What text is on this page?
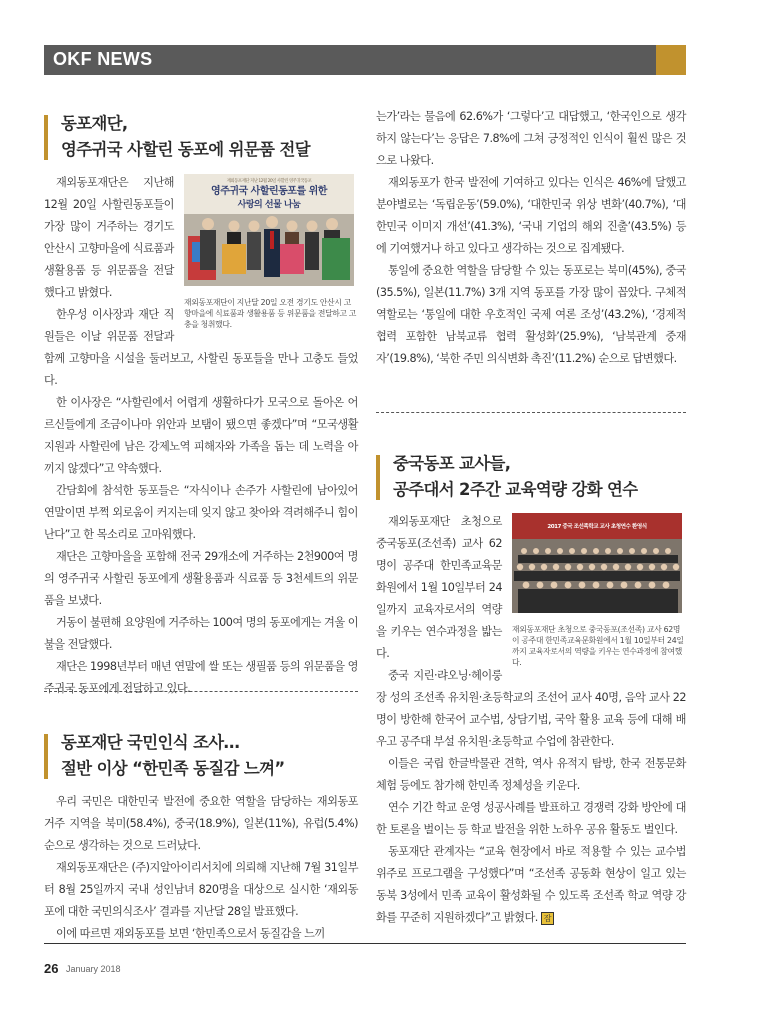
OKF NEWS
동포재단,
영주귀국 사할린 동포에 위문품 전달
재외동포재단 지난 12월 20일 사할린 영주귀국동포
영주귀국 사할린동포를 위한
사랑의 선물 나눔
재외동포재단이 지난달 20일 오전 경기도 안산시 고향마을에 식료품과 생활용품 등 위문품을 전달하고 고충을 청취했다.

재외동포재단은 지난해 12월 20일 사할린동포들이 가장 많이 거주하는 경기도 안산시 고향마을에 식료품과 생활용품 등 위문품을 전달했다고 밝혔다.

한우성 이사장과 재단 직원들은 이날 위문품 전달과 함께 고향마을 시설을 둘러보고, 사할린 동포들을 만나 고충도 들었다.

한 이사장은 “사할린에서 어렵게 생활하다가 모국으로 돌아온 어르신들에게 조금이나마 위안과 보탬이 됐으면 좋겠다”며 “모국생활 지원과 사할린에 남은 강제노역 피해자와 가족을 돕는 데 노력을 아끼지 않겠다”고 약속했다.

간담회에 참석한 동포들은 “자식이나 손주가 사할린에 남아있어 연말이면 부쩍 외로움이 커지는데 잊지 않고 찾아와 격려해주니 힘이 난다”고 한 목소리로 고마워했다.

재단은 고향마을을 포함해 전국 29개소에 거주하는 2천900여 명의 영주귀국 사할린 동포에게 생활용품과 식료품 등 3천세트의 위문품을 보냈다.

거동이 불편해 요양원에 거주하는 100여 명의 동포에게는 겨울 이불을 전달했다.

재단은 1998년부터 매년 연말에 쌀 또는 생필품 등의 위문품을 영주귀국 동포에게 전달하고 있다.

동포재단 국민인식 조사…
절반 이상 “한민족 동질감 느껴”

우리 국민은 대한민국 발전에 중요한 역할을 담당하는 재외동포 거주 지역을 북미(58.4%), 중국(18.9%), 일본(11%), 유럽(5.4%) 순으로 생각하는 것으로 드러났다.

재외동포재단은 (주)지알아이리서치에 의뢰해 지난해 7월 31일부터 8월 25일까지 국내 성인남녀 820명을 대상으로 실시한 ‘재외동포에 대한 국민의식조사’ 결과를 지난달 28일 발표했다.

이에 따르면 재외동포를 보면 ‘한민족으로서 동질감을 느끼

는가’라는 물음에 62.6%가 ‘그렇다’고 대답했고, ‘한국인으로 생각하지 않는다’는 응답은 7.8%에 그쳐 긍정적인 인식이 훨씬 많은 것으로 나왔다.

재외동포가 한국 발전에 기여하고 있다는 인식은 46%에 달했고 분야별로는 ‘독립운동’(59.0%), ‘대한민국 위상 변화’(40.7%), ‘대한민국 이미지 개선’(41.3%), ‘국내 기업의 해외 진출’(43.5%) 등에 기여했거나 하고 있다고 생각하는 것으로 집계됐다.

통일에 중요한 역할을 담당할 수 있는 동포로는 북미(45%), 중국(35.5%), 일본(11.7%) 3개 지역 동포를 가장 많이 꼽았다. 구체적 역할로는 ‘통일에 대한 우호적인 국제 여론 조성’(43.2%), ‘경제적 협력 포함한 남북교류 협력 활성화’(25.9%), ‘남북관계 중재자’(19.8%), ‘북한 주민 의식변화 촉진’(11.2%) 순으로 답변했다.

중국동포 교사들,
공주대서 2주간 교육역량 강화 연수
2017 중국 조선족학교 교사 초청연수 환영식
재외동포재단 초청으로 중국동포(조선족) 교사 62명이 공주대 한민족교육문화원에서 1월 10일부터 24일까지 교육자로서의 역량을 키우는 연수과정에 참여했다.

재외동포재단 초청으로 중국동포(조선족) 교사 62명이 공주대 한민족교육문화원에서 1월 10일부터 24일까지 교육자로서의 역량을 키우는 연수과정을 밟는다.

중국 지린·랴오닝·헤이룽장 성의 조선족 유치원·초등학교의 조선어 교사 40명, 음악 교사 22명이 방한해 한국어 교수법, 상담기법, 국악 활용 교육 등에 대해 배우고 공주대 부설 유치원·초등학교 수업에 참관한다.

이들은 국립 한글박물관 견학, 역사 유적지 탐방, 한국 전통문화 체험 등에도 참가해 한민족 정체성을 키운다.

연수 기간 학교 운영 성공사례를 발표하고 경쟁력 강화 방안에 대한 토론을 벌이는 등 학교 발전을 위한 노하우 공유 활동도 벌인다.

동포재단 관계자는 “교육 현장에서 바로 적용할 수 있는 교수법 위주로 프로그램을 구성했다”며 “조선족 공동화 현상이 일고 있는 동북 3성에서 민족 교육이 활성화될 수 있도록 조선족 학교 역량 강화를 꾸준히 지원하겠다”고 밝혔다. 잠

26 January 2018
